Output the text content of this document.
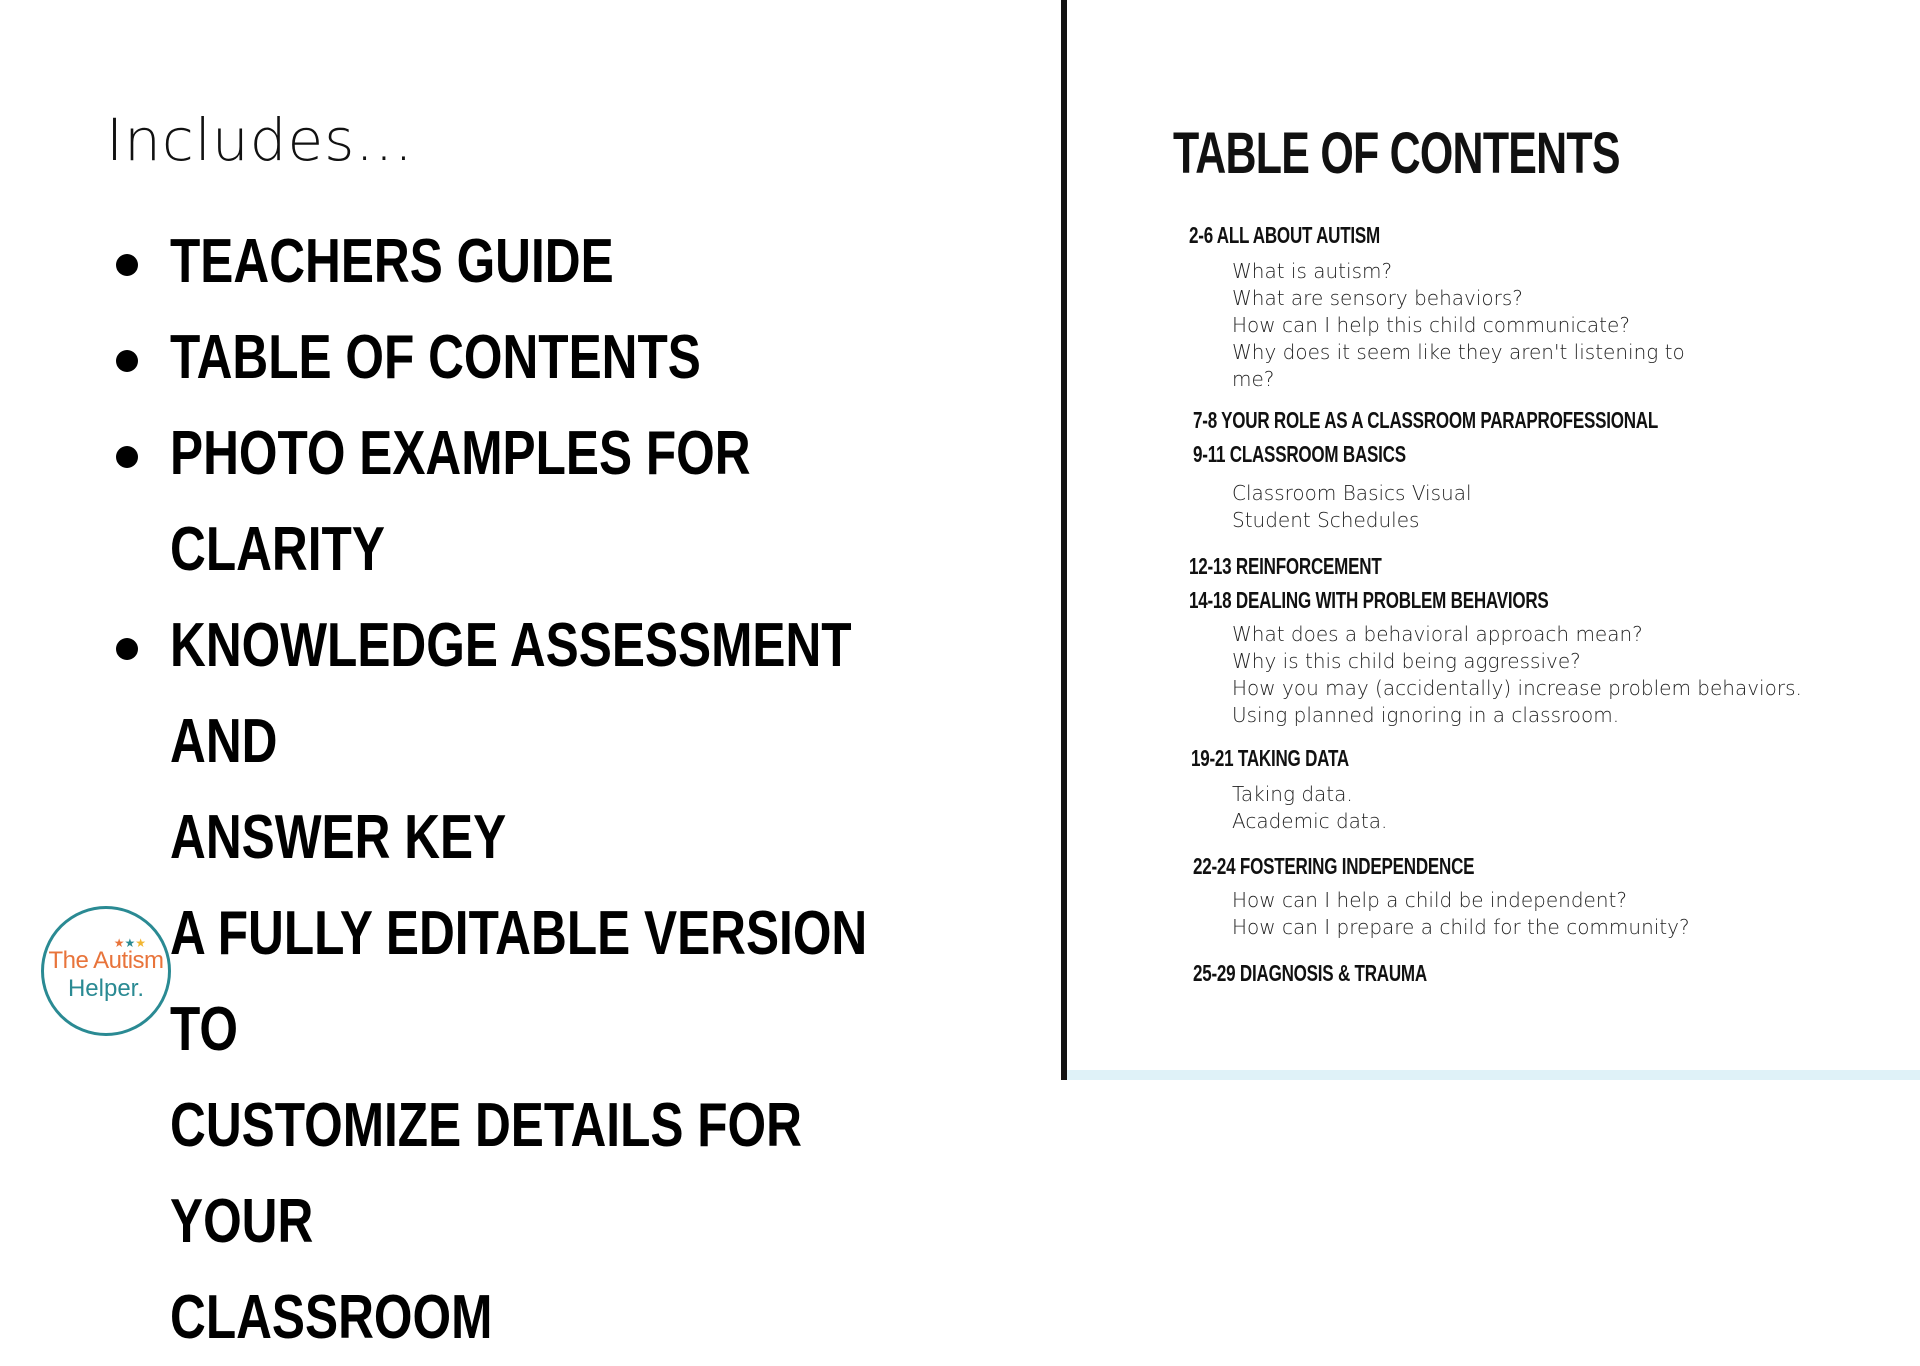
Includes...
TEACHERS GUIDE
TABLE OF CONTENTS
PHOTO EXAMPLES FOR CLARITY
KNOWLEDGE ASSESSMENT AND
ANSWER KEY
A FULLY EDITABLE VERSION TO
CUSTOMIZE DETAILS FOR YOUR
CLASSROOM
★★★
The Autism
Helper.
TABLE OF CONTENTS
2-6 ALL ABOUT AUTISM
What is autism?
What are sensory behaviors?
How can I help this child communicate?
Why does it seem like they aren't listening to
me?
7-8 YOUR ROLE AS A CLASSROOM PARAPROFESSIONAL
9-11 CLASSROOM BASICS
Classroom Basics Visual
Student Schedules
12-13 REINFORCEMENT
14-18 DEALING WITH PROBLEM BEHAVIORS
What does a behavioral approach mean?
Why is this child being aggressive?
How you may (accidentally) increase problem behaviors.
Using planned ignoring in a classroom.
19-21 TAKING DATA
Taking data.
Academic data.
22-24 FOSTERING INDEPENDENCE
How can I help a child be independent?
How can I prepare a child for the community?
25-29 DIAGNOSIS & TRAUMA
